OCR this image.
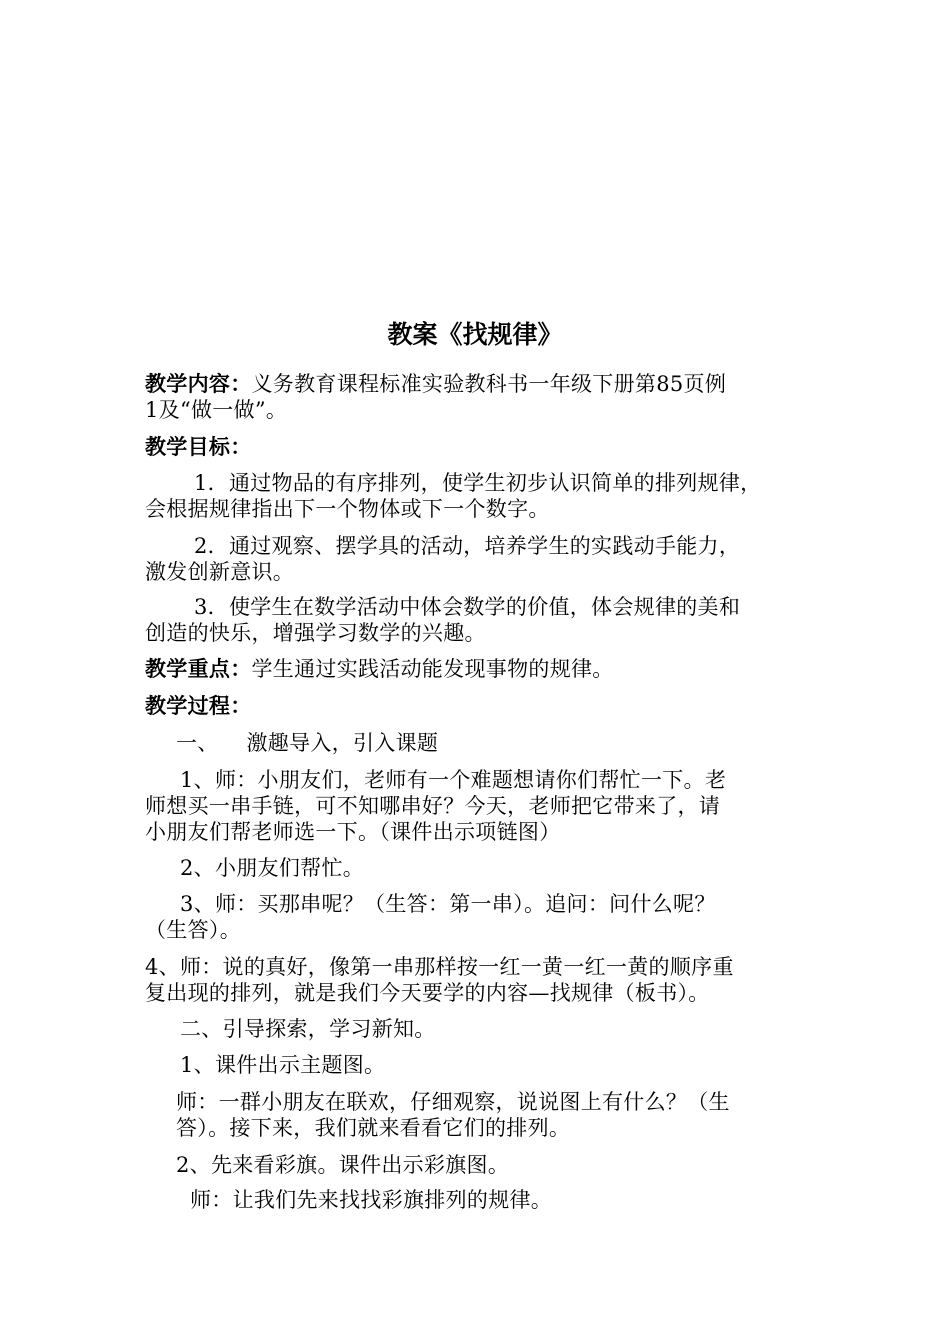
教案《找规律》
教学内容：义务教育课程标准实验教科书一年级下册第85页例
1及“做一做”。
教学目标：
1．通过物品的有序排列，使学生初步认识简单的排列规律，
会根据规律指出下一个物体或下一个数字。
2．通过观察、摆学具的活动，培养学生的实践动手能力，
激发创新意识。
3．使学生在数学活动中体会数学的价值，体会规律的美和
创造的快乐，增强学习数学的兴趣。
教学重点：学生通过实践活动能发现事物的规律。
教学过程：
一、    激趣导入，引入课题
1、师：小朋友们，老师有一个难题想请你们帮忙一下。老
师想买一串手链，可不知哪串好？今天，老师把它带来了，请
小朋友们帮老师选一下。（课件出示项链图）
2、小朋友们帮忙。
3、师：买那串呢？（生答：第一串）。追问：问什么呢？
（生答）。
4、师：说的真好，像第一串那样按一红一黄一红一黄的顺序重
复出现的排列，就是我们今天要学的内容—找规律（板书）。
二、引导探索，学习新知。
1、课件出示主题图。
师：一群小朋友在联欢，仔细观察，说说图上有什么？（生
答）。接下来，我们就来看看它们的排列。
2、先来看彩旗。课件出示彩旗图。
师：让我们先来找找彩旗排列的规律。
